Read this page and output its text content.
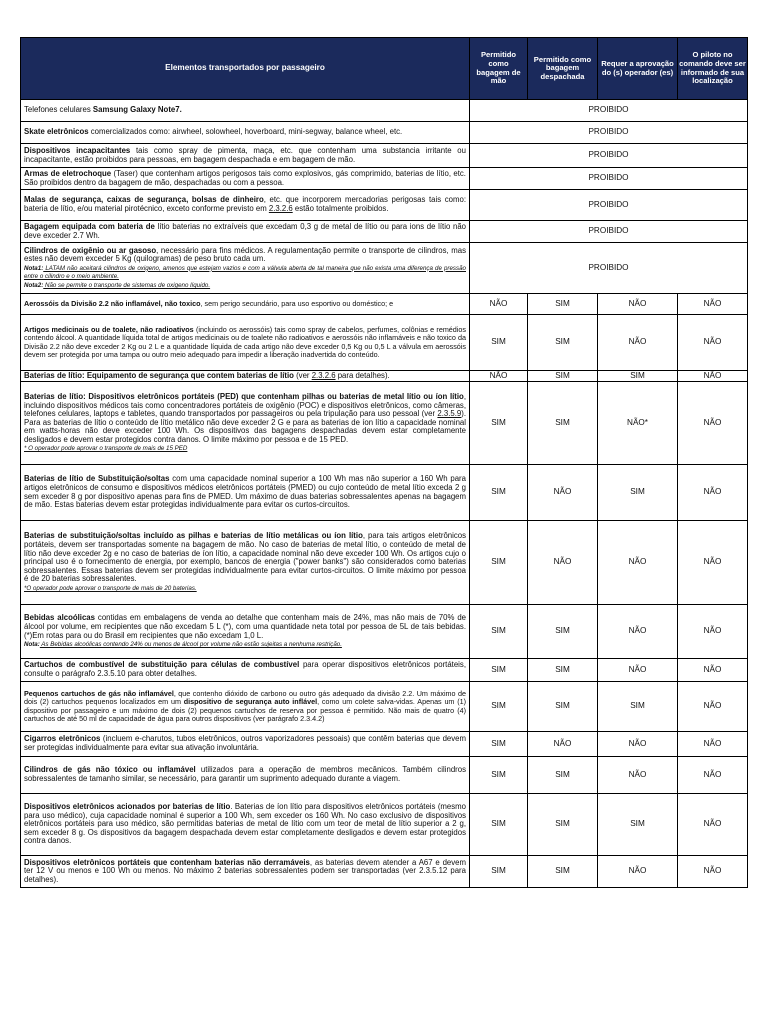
Elementos transportados por passageiro	Permitido como bagagem de mão	Permitido como bagagem despachada	Requer a aprovação do (s) operador (es)	O piloto no comando deve ser informado de sua localização
Telefones celulares Samsung Galaxy Note7.	PROIBIDO			
Skate eletrônicos comercializados como: airwheel, solowheel, hoverboard, mini-segway, balance wheel, etc.	PROIBIDO			
Dispositivos incapacitantes tais como spray de pimenta, maça, etc. que contenham uma substancia irritante ou incapacitante, estão proibidos para pessoas, em bagagem despachada e em bagagem de mão.	PROIBIDO			
Armas de eletrochoque (Taser) que contenham artigos perigosos tais como explosivos, gás comprimido, baterias de lítio, etc. São proibidos dentro da bagagem de mão, despachadas ou com a pessoa.	PROIBIDO			
Malas de segurança, caixas de segurança, bolsas de dinheiro, etc. que incorporem mercadorias perigosas tais como: bateria de lítio, e/ou material pirotécnico, exceto conforme previsto em 2.3.2.6 estão totalmente proibidos.	PROIBIDO			
Bagagem equipada com bateria de lítio baterias no extraíveis que excedam 0,3 g de metal de lítio ou para ions de lítio não deve exceder 2.7 Wh.	PROIBIDO			
Cilindros de oxigênio ou ar gasoso, necessário para fins médicos. A regulamentação permite o transporte de cilindros, mas estes não devem exceder 5 Kg (quilogramas) de peso bruto cada um.
Nota1: LATAM não aceitará cilindros de oxigeno, amenos que estejam vazios e com a válvula aberta de tal maneira que não exista uma diferença de pressão entre o cilindro e o meio ambiente.
Nota2: Não se permite o transporte de sistemas de oxigeno líquido.	PROIBIDO			
Aerossóis da Divisão 2.2 não inflamável, não toxico, sem perigo secundário, para uso esportivo ou doméstico; e	NÃO	SIM	NÃO	NÃO
Artigos medicinais ou de toalete, não radioativos (incluindo os aerossóis) tais como spray de cabelos, perfumes, colônias e remédios contendo álcool. A quantidade líquida total de artigos medicinais ou de toalete não radioativos e aerossóis não inflamáveis e não toxico da Divisão 2.2 não deve exceder 2 Kg ou 2 L e a quantidade líquida de cada artigo não deve exceder 0,5 Kg ou 0,5 L a válvula em aerossóis devem ser protegida por uma tampa ou outro meio adequado para impedir a liberação inadvertida do conteúdo.	SIM	SIM	NÃO	NÃO
Baterias de lítio: Equipamento de segurança que contem baterias de lítio (ver 2.3.2.6 para detalhes).	NÃO	SIM	SIM	NÃO
Baterias de lítio: Dispositivos eletrônicos portáteis (PED) que contenham pilhas ou baterias de metal lítio ou íon lítio, incluindo dispositivos médicos tais como concentradores portáteis de oxigênio (POC) e dispositivos eletrônicos, como câmeras, telefones celulares, laptops e tabletes, quando transportados por passageiros ou pela tripulação para uso pessoal (ver 2.3.5.9). Para as baterias de lítio o conteúdo de lítio metálico não deve exceder 2 G e para as baterias de íon lítio a capacidade nominal em watts-horas não deve exceder 100 Wh. Os dispositivos das bagagens despachadas devem estar completamente desligados e devem estar protegidos contra danos. O limite máximo por pessoa e de 15 PED.
* O operador pode aprovar o transporte de mais de 15 PED	SIM	SIM	NÃO*	NÃO
Baterias de lítio de Substituição/soltas com uma capacidade nominal superior a 100 Wh mas não superior a 160 Wh para artigos eletrônicos de consumo e dispositivos médicos eletrônicos portáteis (PMED) ou cujo conteúdo de metal lítio exceda 2 g sem exceder 8 g por dispositivo apenas para fins de PMED. Um máximo de duas baterias sobressalentes apenas na bagagem de mão. Estas baterias devem estar protegidas individualmente para evitar os curtos-circuitos.	SIM	NÃO	SIM	NÃO
Baterias de substituição/soltas incluído as pilhas e baterias de lítio metálicas ou íon lítio, para tais artigos eletrônicos portáteis, devem ser transportadas somente na bagagem de mão. No caso de baterias de metal lítio, o conteúdo de metal de lítio não deve exceder 2g e no caso de baterias de íon lítio, a capacidade nominal não deve exceder 100 Wh. Os artigos cujo o principal uso é o fornecimento de energia, por exemplo, bancos de energia ("power banks") são considerados como baterias sobressalentes. Essas baterias devem ser protegidas individualmente para evitar curtos-circuitos. O limite máximo por pessoa é de 20 baterias sobressalentes.
*O operador pode aprovar o transporte de mais de 20 baterias.	SIM	NÃO	NÃO	NÃO
Bebidas alcoólicas contidas em embalagens de venda ao detalhe que contenham mais de 24%, mas não mais de 70% de álcool por volume, em recipientes que não excedam 5 L (*), com uma quantidade neta total por pessoa de 5L de tais bebidas. (*)Em rotas para ou do Brasil em recipientes que não excedam 1,0 L.
Nota: As Bebidas alcoólicas contendo 24% ou menos de álcool por volume não estão sujeitas a nenhuma restrição.	SIM	SIM	NÃO	NÃO
Cartuchos de combustível de substituição para células de combustível para operar dispositivos eletrônicos portáteis, consulte o parágrafo 2.3.5.10 para obter detalhes.	SIM	SIM	NÃO	NÃO
Pequenos cartuchos de gás não inflamável, que contenho dióxido de carbono ou outro gás adequado da divisão 2.2. Um máximo de dois (2) cartuchos pequenos localizados em um dispositivo de segurança auto inflável, como um colete salva-vidas. Apenas um (1) dispositivo por passageiro e um máximo de dois (2) pequenos cartuchos de reserva por pessoa é permitido. Não mais de quatro (4) cartuchos de até 50 ml de capacidade de água para outros dispositivos (ver parágrafo 2.3.4.2)	SIM	SIM	SIM	NÃO
Cigarros eletrônicos (incluem e-charutos, tubos eletrônicos, outros vaporizadores pessoais) que contêm baterias que devem ser protegidas individualmente para evitar sua ativação involuntária.	SIM	NÃO	NÃO	NÃO
Cilindros de gás não tóxico ou inflamável utilizados para a operação de membros mecânicos. Também cilindros sobressalentes de tamanho similar, se necessário, para garantir um suprimento adequado durante a viagem.	SIM	SIM	NÃO	NÃO
Dispositivos eletrônicos acionados por baterias de lítio. Baterias de íon lítio para dispositivos eletrônicos portáteis (mesmo para uso médico), cuja capacidade nominal é superior a 100 Wh, sem exceder os 160 Wh. No caso exclusivo de dispositivos eletrônicos portáteis para uso médico, são permitidas baterias de metal de lítio com um teor de metal de lítio superior a 2 g, sem exceder 8 g. Os dispositivos da bagagem despachada devem estar completamente desligados e devem estar protegidos contra danos.	SIM	SIM	SIM	NÃO
Dispositivos eletrônicos portáteis que contenham baterias não derramáveis, as baterias devem atender a A67 e devem ter 12 V ou menos e 100 Wh ou menos. No máximo 2 baterias sobressalentes podem ser transportadas (ver 2.3.5.12 para detalhes).	SIM	SIM	NÃO	NÃO
